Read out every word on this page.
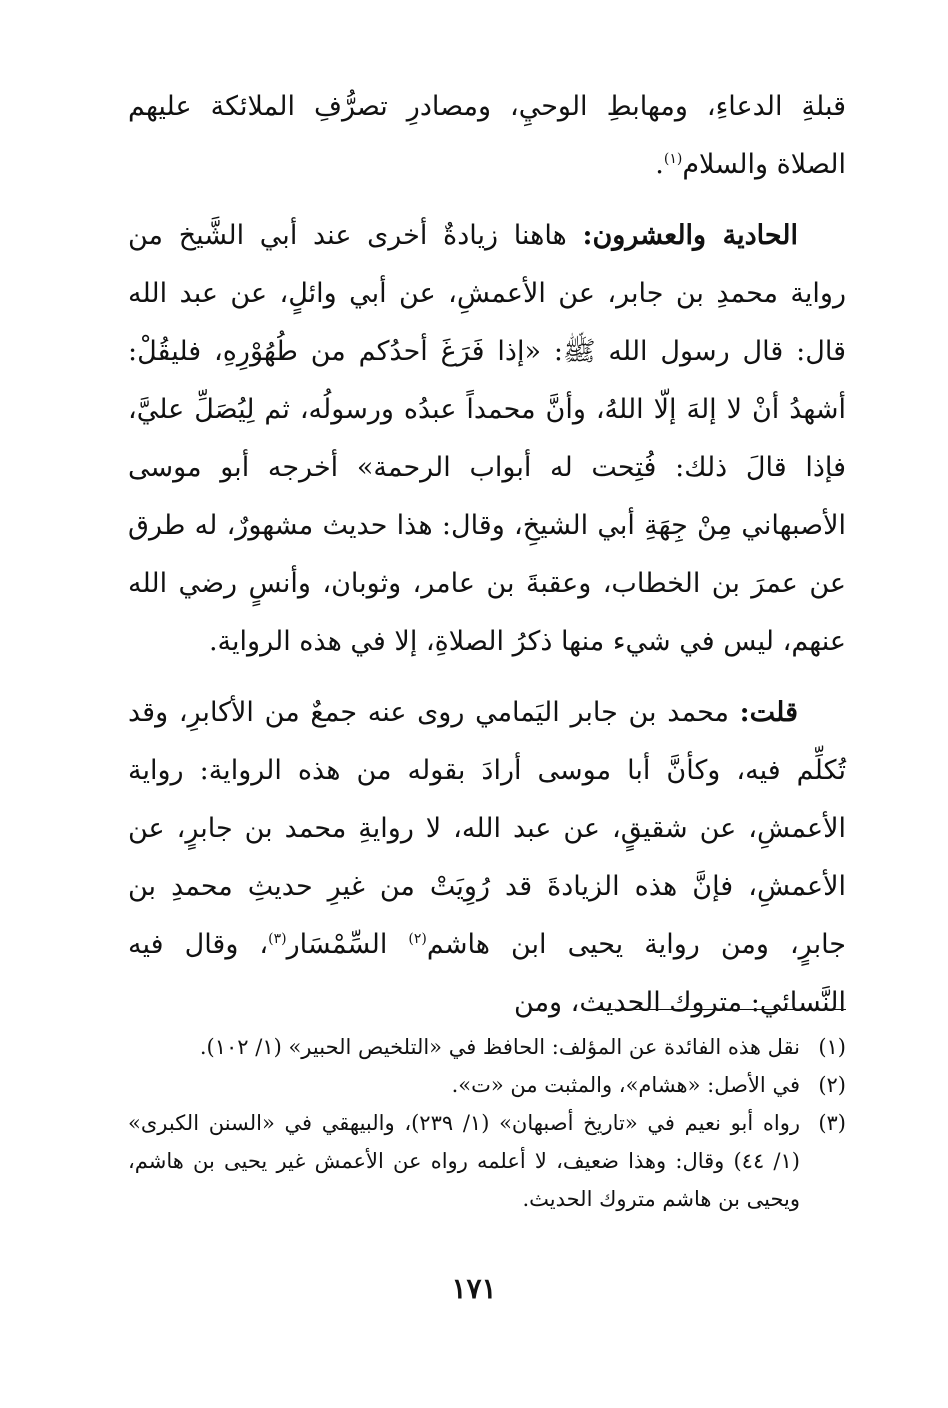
قبلةِ الدعاءِ، ومهابطِ الوحيِ، ومصادرِ تصرُّفِ الملائكة عليهم الصلاة والسلام$^{(١)}$.

الحادية والعشرون: هاهنا زيادةٌ أخرى عند أبي الشَّيخ من رواية محمدِ بن جابر، عن الأعمشِ، عن أبي وائلٍ، عن عبد الله قال: قال رسول الله ﷺ: «إذا فَرَغَ أحدُكم من طُهُوْرِهِ، فليقُلْ: أشهدُ أنْ لا إلهَ إلّا اللهُ، وأنَّ محمداً عبدُه ورسولُه، ثم لِيُصَلِّ عليَّ، فإذا قالَ ذلك: فُتِحت له أبواب الرحمة» أخرجه أبو موسى الأصبهاني مِنْ جِهَةِ أبي الشيخِ، وقال: هذا حديث مشهورٌ، له طرق عن عمرَ بن الخطاب، وعقبةَ بن عامر، وثوبان، وأنسٍ رضي الله عنهم، ليس في شيء منها ذكرُ الصلاةِ، إلا في هذه الرواية.

قلت: محمد بن جابر اليَمامي روى عنه جمعٌ من الأكابرِ، وقد تُكلِّم فيه، وكأنَّ أبا موسى أرادَ بقوله من هذه الرواية: رواية الأعمشِ، عن شقيقٍ، عن عبد الله، لا روايةِ محمد بن جابرٍ، عن الأعمشِ، فإنَّ هذه الزيادةَ قد رُوِيَتْ من غيرِ حديثِ محمدِ بن جابرٍ، ومن رواية يحيى ابن هاشم$^{(٢)}$ السِّمْسَار$^{(٣)}$، وقال فيه النَّسائي: متروك الحديث، ومن

(١)
نقل هذه الفائدة عن المؤلف: الحافظ في «التلخيص الحبير» (١/ ١٠٢).
(٢)
في الأصل: «هشام»، والمثبت من «ت».
(٣)
رواه أبو نعيم في «تاريخ أصبهان» (١/ ٢٣٩)، والبيهقي في «السنن الكبرى» (١/ ٤٤) وقال: وهذا ضعيف، لا أعلمه رواه عن الأعمش غير يحيى بن هاشم، ويحيى بن هاشم متروك الحديث.
١٧١
